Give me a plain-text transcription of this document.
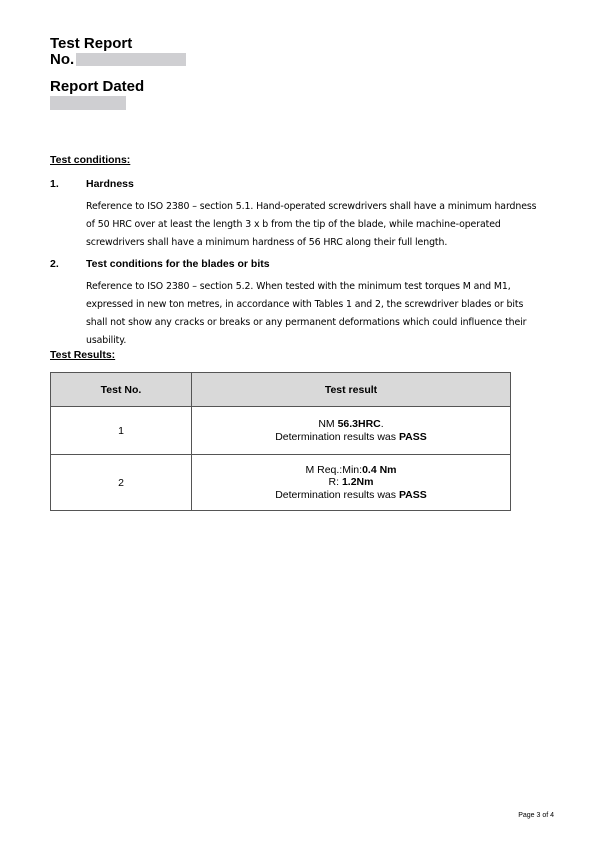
Test Report
No.
Report Dated
Test conditions:
1.	Hardness
Reference to ISO 2380 – section 5.1. Hand-operated screwdrivers shall have a minimum hardness of 50 HRC over at least the length 3 x b from the tip of the blade, while machine-operated screwdrivers shall have a minimum hardness of 56 HRC along their full length.
2.	Test conditions for the blades or bits
Reference to ISO 2380 – section 5.2. When tested with the minimum test torques M and M1, expressed in new ton metres, in accordance with Tables 1 and 2, the screwdriver blades or bits shall not show any cracks or breaks or any permanent deformations which could influence their usability.
Test Results:
Test No.	Test result
1	NM 56.3HRC.
Determination results was PASS

2	M Req.:Min:0.4 Nm
R: 1.2Nm
Determination results was PASS
Page 3 of 4
